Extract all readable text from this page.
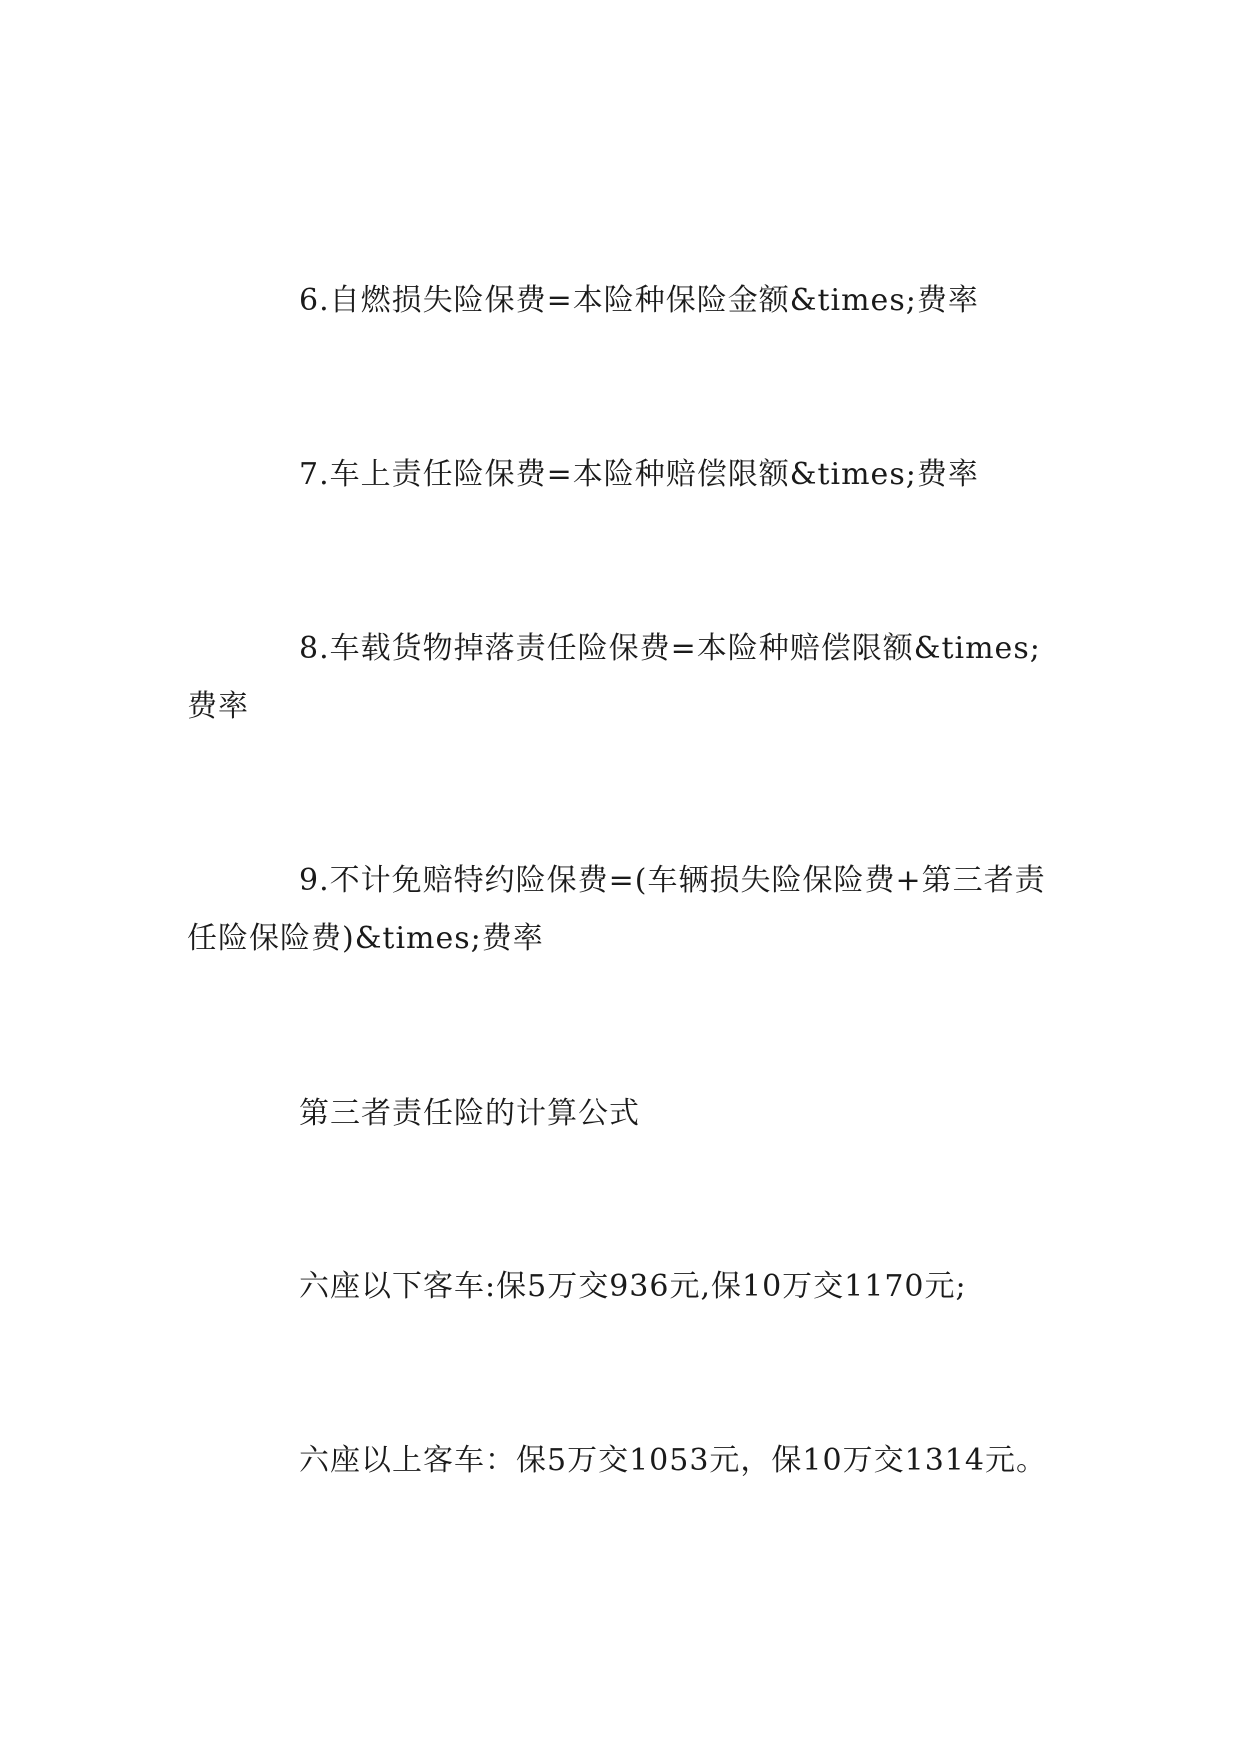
6.自燃损失险保费=本险种保险金额&times;费率

7.车上责任险保费=本险种赔偿限额&times;费率

8.车载货物掉落责任险保费=本险种赔偿限额&times;费率

9.不计免赔特约险保费=(车辆损失险保险费+第三者责任险保险费)&times;费率

第三者责任险的计算公式

六座以下客车:保5万交936元,保10万交1170元;

六座以上客车：保5万交1053元，保10万交1314元。
